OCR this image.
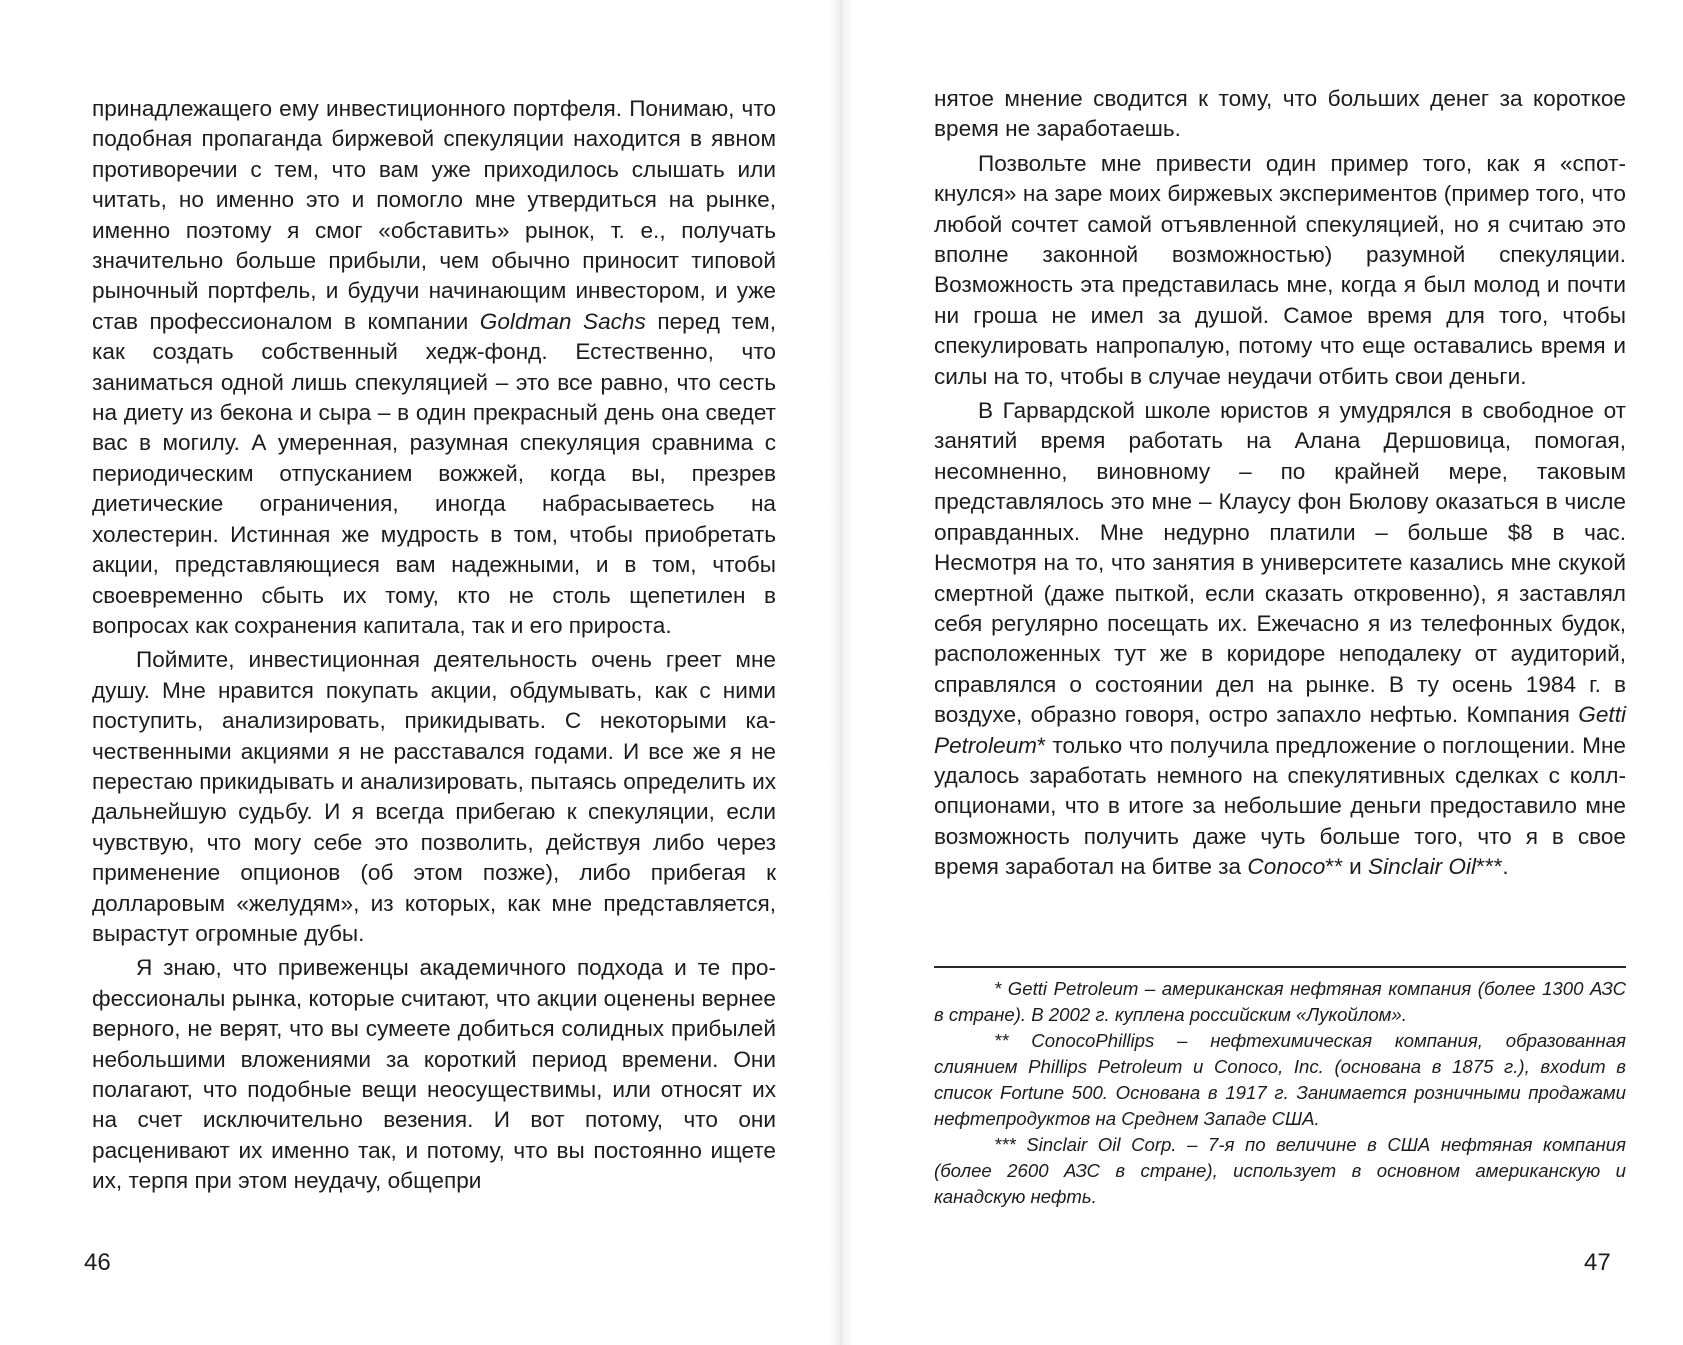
принадлежащего ему инвестиционного портфеля. Понимаю, что подобная пропаганда биржевой спекуляции находится в явном противоречии с тем, что вам уже приходилось слышать или читать, но именно это и помогло мне утвердиться на рынке, именно поэтому я смог «обставить» рынок, т. е., получать значительно больше прибыли, чем обычно приносит типовой рыночный портфель, и будучи начинающим инвестором, и уже став профессионалом в компании Goldman Sachs перед тем, как создать собственный хедж-фонд. Естественно, что заниматься одной лишь спекуляцией – это все равно, что сесть на диету из бекона и сыра – в один прекрасный день она сведет вас в могилу. А умеренная, разумная спекуляция сравнима с периодическим отпусканием вожжей, когда вы, презрев диетические ограничения, иногда набрасываетесь на холестерин. Истинная же мудрость в том, чтобы приобретать акции, представляющиеся вам надежными, и в том, чтобы своевременно сбыть их тому, кто не столь щепетилен в вопросах как сохранения капитала, так и его прироста.

Поймите, инвестиционная деятельность очень греет мне душу. Мне нравится покупать акции, обдумывать, как с ними поступить, анализировать, прикидывать. С некоторыми качественными акциями я не расставался годами. И все же я не перестаю прикидывать и анализировать, пытаясь определить их дальнейшую судьбу. И я всегда прибегаю к спекуляции, если чувствую, что могу себе это позволить, действуя либо через применение опционов (об этом позже), либо прибегая к долларовым «желудям», из которых, как мне представляется, вырастут огромные дубы.

Я знаю, что привеженцы академичного подхода и те профессионалы рынка, которые считают, что акции оценены вернее верного, не верят, что вы сумеете добиться солидных прибылей небольшими вложениями за короткий период времени. Они полагают, что подобные вещи неосуществимы, или относят их на счет исключительно везения. И вот потому, что они расценивают их именно так, и потому, что вы постоянно ищете их, терпя при этом неудачу, общепри

46

нятое мнение сводится к тому, что больших денег за короткое время не заработаешь.

Позвольте мне привести один пример того, как я «споткнулся» на заре моих биржевых экспериментов (пример того, что любой сочтет самой отъявленной спекуляцией, но я считаю это вполне законной возможностью) разумной спекуляции. Возможность эта представилась мне, когда я был молод и почти ни гроша не имел за душой. Самое время для того, чтобы спекулировать напропалую, потому что еще оставались время и силы на то, чтобы в случае неудачи отбить свои деньги.

В Гарвардской школе юристов я умудрялся в свободное от занятий время работать на Алана Дершовица, помогая, несомненно, виновному – по крайней мере, таковым представлялось это мне – Клаусу фон Бюлову оказаться в числе оправданных. Мне недурно платили – больше $8 в час. Несмотря на то, что занятия в университете казались мне скукой смертной (даже пыткой, если сказать откровенно), я заставлял себя регулярно посещать их. Ежечасно я из телефонных будок, расположенных тут же в коридоре неподалеку от аудиторий, справлялся о состоянии дел на рынке. В ту осень 1984 г. в воздухе, образно говоря, остро запахло нефтью. Компания Getti Petroleum* только что получила предложение о поглощении. Мне удалось заработать немного на спекулятивных сделках с колл-опционами, что в итоге за небольшие деньги предоставило мне возможность получить даже чуть больше того, что я в свое время заработал на битве за Conoco** и Sinclair Oil***.

* Getti Petroleum – американская нефтяная компания (более 1300 АЗС в стране). В 2002 г. куплена российским «Лукойлом».

** ConocoPhillips – нефтехимическая компания, образованная слиянием Phillips Petroleum и Conoco, Inc. (основана в 1875 г.), вхоdит в список Fortune 500. Основана в 1917 г. Занимается розничными продажами нефтепродуктов на Среднем Западе США.

*** Sinclair Oil Corp. – 7-я по величине в США нефтяная компания (более 2600 АЗС в стране), использует в основном американскую и канадскую нефть.

47
